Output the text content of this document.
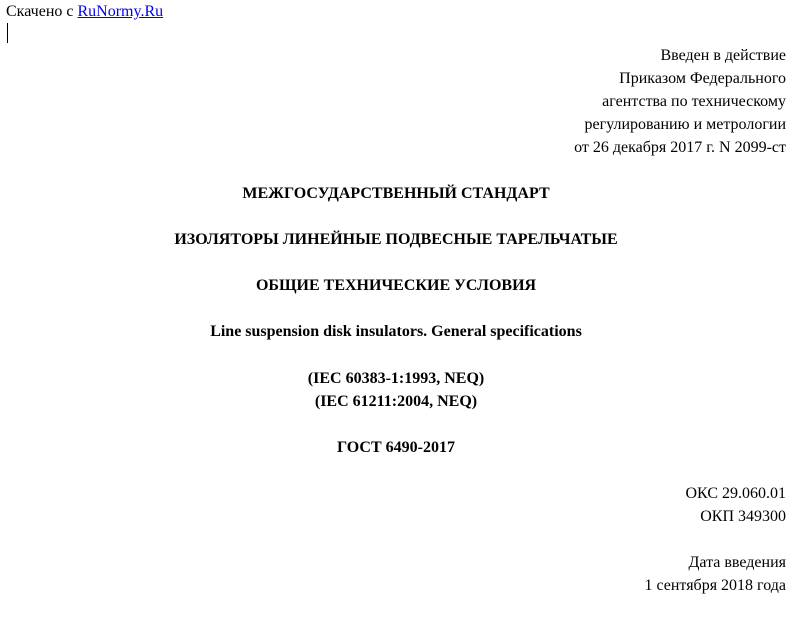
Скачено с RuNormy.Ru
Введен в действие
Приказом Федерального
агентства по техническому
регулированию и метрологии
от 26 декабря 2017 г. N 2099-ст
МЕЖГОСУДАРСТВЕННЫЙ СТАНДАРТ
ИЗОЛЯТОРЫ ЛИНЕЙНЫЕ ПОДВЕСНЫЕ ТАРЕЛЬЧАТЫЕ
ОБЩИЕ ТЕХНИЧЕСКИЕ УСЛОВИЯ
Line suspension disk insulators. General specifications
(IEC 60383-1:1993, NEQ)
(IEC 61211:2004, NEQ)
ГОСТ 6490-2017
ОКС 29.060.01
ОКП 349300
Дата введения
1 сентября 2018 года
